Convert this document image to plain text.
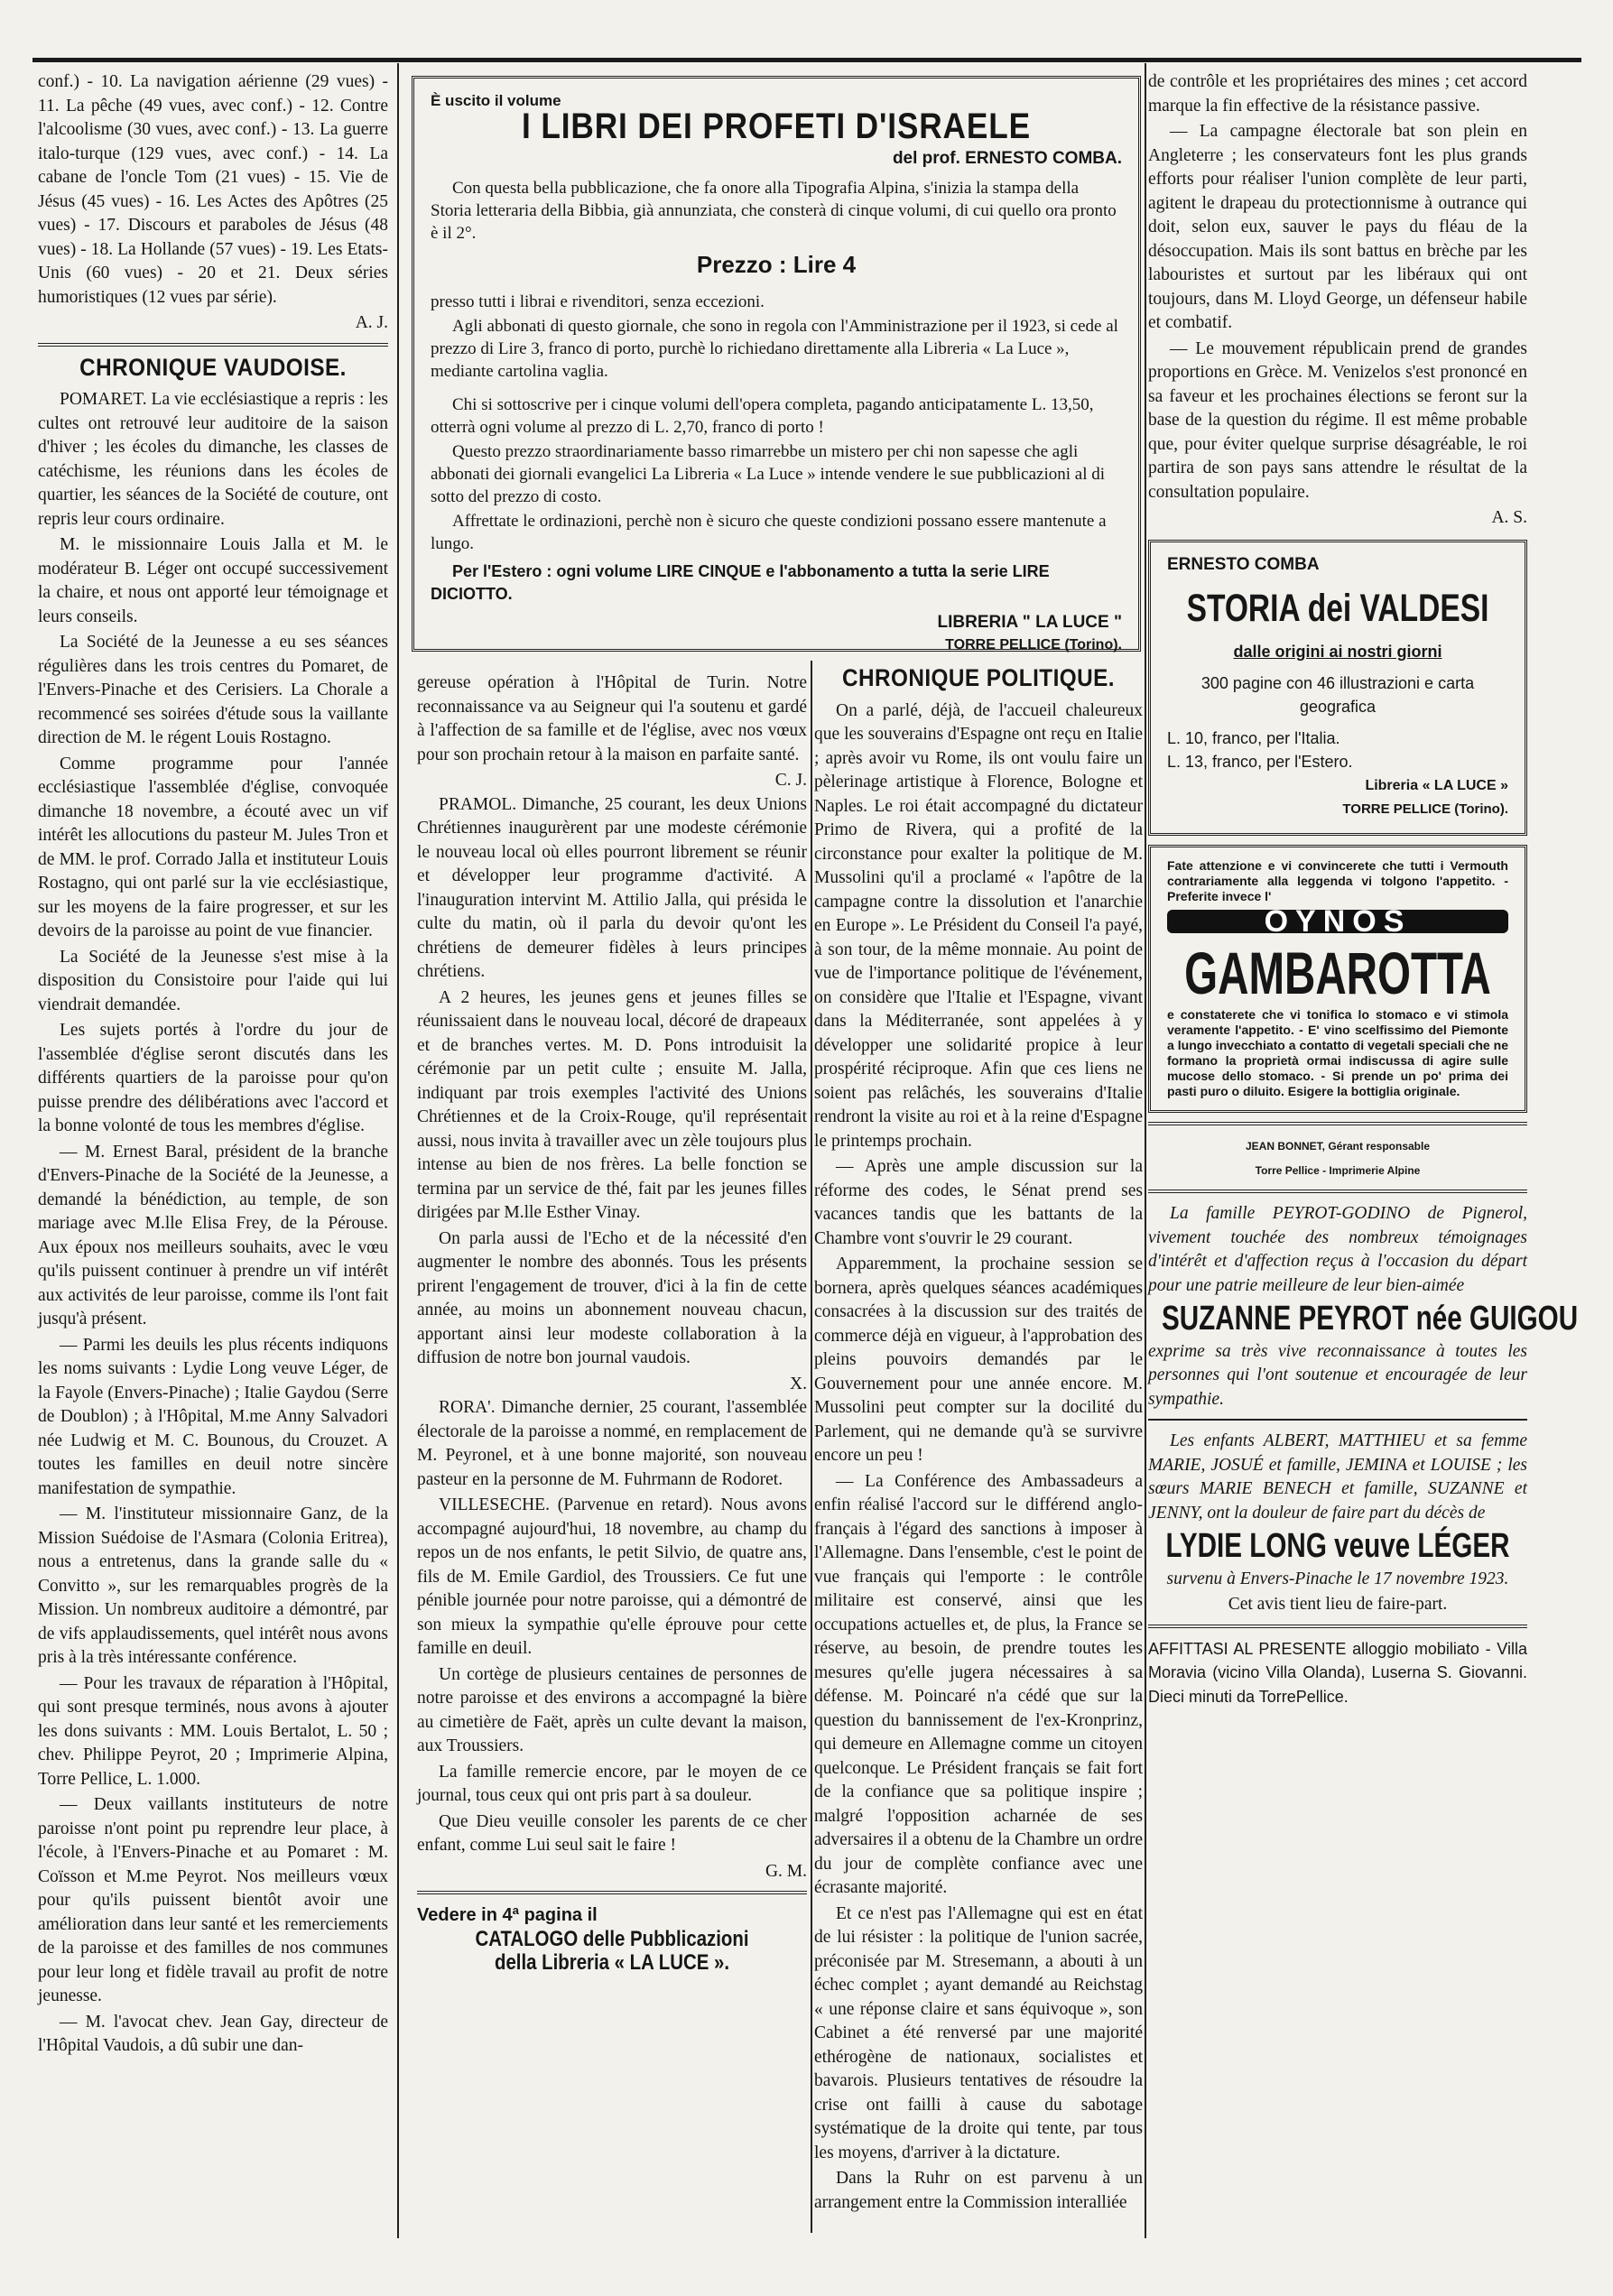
conf.) - 10. La navigation aérienne (29 vues) - 11. La pêche (49 vues, avec conf.) - 12. Contre l'alcoolisme (30 vues, avec conf.) - 13. La guerre italo-turque (129 vues, avec conf.) - 14. La cabane de l'oncle Tom (21 vues) - 15. Vie de Jésus (45 vues) - 16. Les Actes des Apôtres (25 vues) - 17. Discours et paraboles de Jésus (48 vues) - 18. La Hollande (57 vues) - 19. Les Etats-Unis (60 vues) - 20 et 21. Deux séries humoristiques (12 vues par série).

A. J.
CHRONIQUE VAUDOISE.

POMARET. La vie ecclésiastique a repris : les cultes ont retrouvé leur auditoire de la saison d'hiver ; les écoles du dimanche, les classes de catéchisme, les réunions dans les écoles de quartier, les séances de la Société de couture, ont repris leur cours ordinaire.

M. le missionnaire Louis Jalla et M. le modérateur B. Léger ont occupé successivement la chaire, et nous ont apporté leur témoignage et leurs conseils.

La Société de la Jeunesse a eu ses séances régulières dans les trois centres du Pomaret, de l'Envers-Pinache et des Cerisiers. La Chorale a recommencé ses soirées d'étude sous la vaillante direction de M. le régent Louis Rostagno.

Comme programme pour l'année ecclésiastique l'assemblée d'église, convoquée dimanche 18 novembre, a écouté avec un vif intérêt les allocutions du pasteur M. Jules Tron et de MM. le prof. Corrado Jalla et instituteur Louis Rostagno, qui ont parlé sur la vie ecclésiastique, sur les moyens de la faire progresser, et sur les devoirs de la paroisse au point de vue financier.

La Société de la Jeunesse s'est mise à la disposition du Consistoire pour l'aide qui lui viendrait demandée.

Les sujets portés à l'ordre du jour de l'assemblée d'église seront discutés dans les différents quartiers de la paroisse pour qu'on puisse prendre des délibérations avec l'accord et la bonne volonté de tous les membres d'église.

— M. Ernest Baral, président de la branche d'Envers-Pinache de la Société de la Jeunesse, a demandé la bénédiction, au temple, de son mariage avec M.lle Elisa Frey, de la Pérouse. Aux époux nos meilleurs souhaits, avec le vœu qu'ils puissent continuer à prendre un vif intérêt aux activités de leur paroisse, comme ils l'ont fait jusqu'à présent.

— Parmi les deuils les plus récents indiquons les noms suivants : Lydie Long veuve Léger, de la Fayole (Envers-Pinache) ; Italie Gaydou (Serre de Doublon) ; à l'Hôpital, M.me Anny Salvadori née Ludwig et M. C. Bounous, du Crouzet. A toutes les familles en deuil notre sincère manifestation de sympathie.

— M. l'instituteur missionnaire Ganz, de la Mission Suédoise de l'Asmara (Colonia Eritrea), nous a entretenus, dans la grande salle du « Convitto », sur les remarquables progrès de la Mission. Un nombreux auditoire a démontré, par de vifs applaudissements, quel intérêt nous avons pris à la très intéressante conférence.

— Pour les travaux de réparation à l'Hôpital, qui sont presque terminés, nous avons à ajouter les dons suivants : MM. Louis Bertalot, L. 50 ; chev. Philippe Peyrot, 20 ; Imprimerie Alpina, Torre Pellice, L. 1.000.

— Deux vaillants instituteurs de notre paroisse n'ont point pu reprendre leur place, à l'école, à l'Envers-Pinache et au Pomaret : M. Coïsson et M.me Peyrot. Nos meilleurs vœux pour qu'ils puissent bientôt avoir une amélioration dans leur santé et les remerciements de la paroisse et des familles de nos communes pour leur long et fidèle travail au profit de notre jeunesse.

— M. l'avocat chev. Jean Gay, directeur de l'Hôpital Vaudois, a dû subir une dan-

È uscito il volume
I LIBRI DEI PROFETI D'ISRAELE
del prof. ERNESTO COMBA.

Con questa bella pubblicazione, che fa onore alla Tipografia Alpina, s'inizia la stampa della Storia letteraria della Bibbia, già annunziata, che consterà di cinque volumi, di cui quello ora pronto è il 2°.

Prezzo : Lire 4

presso tutti i librai e rivenditori, senza eccezioni.

Agli abbonati di questo giornale, che sono in regola con l'Amministrazione per il 1923, si cede al prezzo di Lire 3, franco di porto, purchè lo richiedano direttamente alla Libreria « La Luce », mediante cartolina vaglia.

Chi si sottoscrive per i cinque volumi dell'opera completa, pagando anticipatamente L. 13,50, otterrà ogni volume al prezzo di L. 2,70, franco di porto !

Questo prezzo straordinariamente basso rimarrebbe un mistero per chi non sapesse che agli abbonati dei giornali evangelici La Libreria « La Luce » intende vendere le sue pubblicazioni al di sotto del prezzo di costo.

Affrettate le ordinazioni, perchè non è sicuro che queste condizioni possano essere mantenute a lungo.

Per l'Estero : ogni volume LIRE CINQUE e l'abbonamento a tutta la serie LIRE DICIOTTO.

LIBRERIA " LA LUCE "
TORRE PELLICE (Torino).

gereuse opération à l'Hôpital de Turin. Notre reconnaissance va au Seigneur qui l'a soutenu et gardé à l'affection de sa famille et de l'église, avec nos vœux pour son prochain retour à la maison en parfaite santé.

C. J.

PRAMOL. Dimanche, 25 courant, les deux Unions Chrétiennes inaugurèrent par une modeste cérémonie le nouveau local où elles pourront librement se réunir et développer leur programme d'activité. A l'inauguration intervint M. Attilio Jalla, qui présida le culte du matin, où il parla du devoir qu'ont les chrétiens de demeurer fidèles à leurs principes chrétiens.

A 2 heures, les jeunes gens et jeunes filles se réunissaient dans le nouveau local, décoré de drapeaux et de branches vertes. M. D. Pons introduisit la cérémonie par un petit culte ; ensuite M. Jalla, indiquant par trois exemples l'activité des Unions Chrétiennes et de la Croix-Rouge, qu'il représentait aussi, nous invita à travailler avec un zèle toujours plus intense au bien de nos frères. La belle fonction se termina par un service de thé, fait par les jeunes filles dirigées par M.lle Esther Vinay.

On parla aussi de l'Echo et de la nécessité d'en augmenter le nombre des abonnés. Tous les présents prirent l'engagement de trouver, d'ici à la fin de cette année, au moins un abonnement nouveau chacun, apportant ainsi leur modeste collaboration à la diffusion de notre bon journal vaudois.

X.

RORA'. Dimanche dernier, 25 courant, l'assemblée électorale de la paroisse a nommé, en remplacement de M. Peyronel, et à une bonne majorité, son nouveau pasteur en la personne de M. Fuhrmann de Rodoret.

VILLESECHE. (Parvenue en retard). Nous avons accompagné aujourd'hui, 18 novembre, au champ du repos un de nos enfants, le petit Silvio, de quatre ans, fils de M. Emile Gardiol, des Troussiers. Ce fut une pénible journée pour notre paroisse, qui a démontré de son mieux la sympathie qu'elle éprouve pour cette famille en deuil.

Un cortège de plusieurs centaines de personnes de notre paroisse et des environs a accompagné la bière au cimetière de Faët, après un culte devant la maison, aux Troussiers.

La famille remercie encore, par le moyen de ce journal, tous ceux qui ont pris part à sa douleur.

Que Dieu veuille consoler les parents de ce cher enfant, comme Lui seul sait le faire !

G. M.
Vedere in 4ª pagina il
CATALOGO delle Pubblicazioni
della Libreria « LA LUCE ».
CHRONIQUE POLITIQUE.

On a parlé, déjà, de l'accueil chaleureux que les souverains d'Espagne ont reçu en Italie ; après avoir vu Rome, ils ont voulu faire un pèlerinage artistique à Florence, Bologne et Naples. Le roi était accompagné du dictateur Primo de Rivera, qui a profité de la circonstance pour exalter la politique de M. Mussolini qu'il a proclamé « l'apôtre de la campagne contre la dissolution et l'anarchie en Europe ». Le Président du Conseil l'a payé, à son tour, de la même monnaie. Au point de vue de l'importance politique de l'événement, on considère que l'Italie et l'Espagne, vivant dans la Méditerranée, sont appelées à y développer une solidarité propice à leur prospérité réciproque. Afin que ces liens ne soient pas relâchés, les souverains d'Italie rendront la visite au roi et à la reine d'Espagne le printemps prochain.

— Après une ample discussion sur la réforme des codes, le Sénat prend ses vacances tandis que les battants de la Chambre vont s'ouvrir le 29 courant.

Apparemment, la prochaine session se bornera, après quelques séances académiques consacrées à la discussion sur des traités de commerce déjà en vigueur, à l'approbation des pleins pouvoirs demandés par le Gouvernement pour une année encore. M. Mussolini peut compter sur la docilité du Parlement, qui ne demande qu'à se survivre encore un peu !

— La Conférence des Ambassadeurs a enfin réalisé l'accord sur le différend anglo-français à l'égard des sanctions à imposer à l'Allemagne. Dans l'ensemble, c'est le point de vue français qui l'emporte : le contrôle militaire est conservé, ainsi que les occupations actuelles et, de plus, la France se réserve, au besoin, de prendre toutes les mesures qu'elle jugera nécessaires à sa défense. M. Poincaré n'a cédé que sur la question du bannissement de l'ex-Kronprinz, qui demeure en Allemagne comme un citoyen quelconque. Le Président français se fait fort de la confiance que sa politique inspire ; malgré l'opposition acharnée de ses adversaires il a obtenu de la Chambre un ordre du jour de complète confiance avec une écrasante majorité.

Et ce n'est pas l'Allemagne qui est en état de lui résister : la politique de l'union sacrée, préconisée par M. Stresemann, a abouti à un échec complet ; ayant demandé au Reichstag « une réponse claire et sans équivoque », son Cabinet a été renversé par une majorité ethérogène de nationaux, socialistes et bavarois. Plusieurs tentatives de résoudre la crise ont failli à cause du sabotage systématique de la droite qui tente, par tous les moyens, d'arriver à la dictature.

Dans la Ruhr on est parvenu à un arrangement entre la Commission interalliée

de contrôle et les propriétaires des mines ; cet accord marque la fin effective de la résistance passive.

— La campagne électorale bat son plein en Angleterre ; les conservateurs font les plus grands efforts pour réaliser l'union complète de leur parti, agitent le drapeau du protectionnisme à outrance qui doit, selon eux, sauver le pays du fléau de la désoccupation. Mais ils sont battus en brèche par les labouristes et surtout par les libéraux qui ont toujours, dans M. Lloyd George, un défenseur habile et combatif.

— Le mouvement républicain prend de grandes proportions en Grèce. M. Venizelos s'est prononcé en sa faveur et les prochaines élections se feront sur la base de la question du régime. Il est même probable que, pour éviter quelque surprise désagréable, le roi partira de son pays sans attendre le résultat de la consultation populaire.

A. S.
ERNESTO COMBA
STORIA dei VALDESI
dalle origini ai nostri giorni
300 pagine con 46 illustrazioni e carta geografica
L. 10, franco, per l'Italia.
L. 13, franco, per l'Estero.
Libreria « LA LUCE »
TORRE PELLICE (Torino).
Fate attenzione e vi convincerete che tutti i Vermouth contrariamente alla leggenda vi tolgono l'appetito. - Preferite invece l'
OYNOS
GAMBAROTTA
e constaterete che vi tonifica lo stomaco e vi stimola veramente l'appetito. - E' vino scelfissimo del Piemonte a lungo invecchiato a contatto di vegetali speciali che ne formano la proprietà ormai indiscussa di agire sulle mucose dello stomaco. - Si prende un po' prima dei pasti puro o diluito. Esigere la bottiglia originale.
JEAN BONNET, Gérant responsable
Torre Pellice - Imprimerie Alpine

La famille PEYROT-GODINO de Pignerol, vivement touchée des nombreux témoignages d'intérêt et d'affection reçus à l'occasion du départ pour une patrie meilleure de leur bien-aimée

SUZANNE PEYROT née GUIGOU

exprime sa très vive reconnaissance à toutes les personnes qui l'ont soutenue et encouragée de leur sympathie.

Les enfants ALBERT, MATTHIEU et sa femme MARIE, JOSUÉ et famille, JEMINA et LOUISE ; les sœurs MARIE BENECH et famille, SUZANNE et JENNY, ont la douleur de faire part du décès de

LYDIE LONG veuve LÉGER

survenu à Envers-Pinache le 17 novembre 1923.

Cet avis tient lieu de faire-part.

AFFITTASI AL PRESENTE alloggio mobiliato - Villa Moravia (vicino Villa Olanda), Luserna S. Giovanni. Dieci minuti da TorrePellice.
